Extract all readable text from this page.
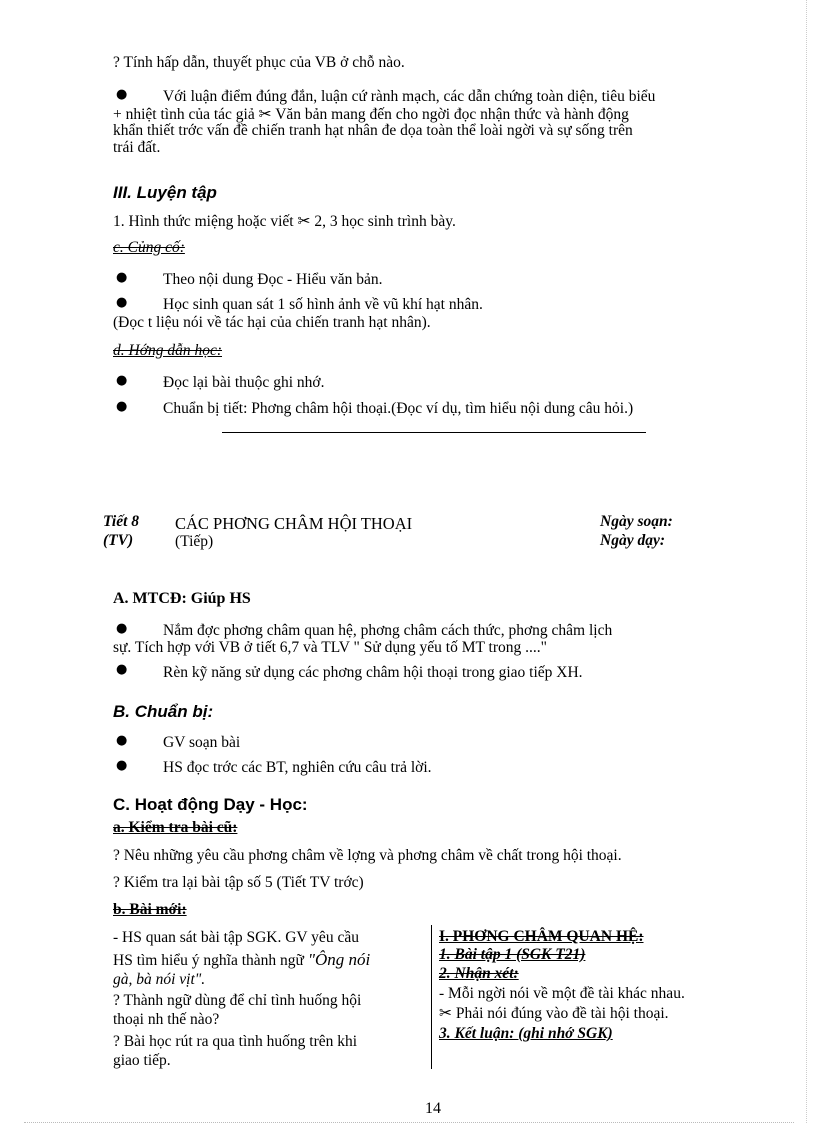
? Tính hấp dẫn, thuyết phục của VB ở chỗ nào.
● Với luận điểm đúng đắn, luận cứ rành mạch, các dẫn chứng toàn diện, tiêu biểu
+ nhiệt tình của tác giả ✂ Văn bản mang đến cho ngời đọc nhận thức và hành động
khẩn thiết trớc vấn đề chiến tranh hạt nhân đe dọa toàn thể loài ngời và sự sống trên
trái đất.
III. Luyện tập
1. Hình thức miệng hoặc viết ✂ 2, 3 học sinh trình bày.
c. Củng cố:
● Theo nội dung Đọc - Hiểu văn bản.
● Học sinh quan sát 1 số hình ảnh về vũ khí hạt nhân.
(Đọc t liệu nói về tác hại của chiến tranh hạt nhân).
d. Hớng dẫn học:
● Đọc lại bài thuộc ghi nhớ.
● Chuẩn bị tiết: Phơng châm hội thoại.(Đọc ví dụ, tìm hiểu nội dung câu hỏi.)
Tiết 8
(TV)
CÁC PHƠNG CHÂM HỘI THOẠI
(Tiếp)
Ngày soạn:
Ngày dạy:
A. MTCĐ: Giúp HS
● Nắm đợc phơng châm quan hệ, phơng châm cách thức, phơng châm lịch
sự. Tích hợp với VB ở tiết 6,7 và TLV " Sử dụng yếu tố MT trong ...."
● Rèn kỹ năng sử dụng các phơng châm hội thoại trong giao tiếp XH.
B. Chuẩn bị:
● GV soạn bài
● HS đọc trớc các BT, nghiên cứu câu trả lời.
C. Hoạt động Dạy - Học:
a. Kiểm tra bài cũ:
? Nêu những yêu cầu phơng châm về lợng và phơng châm về chất trong hội thoại.
? Kiểm tra lại bài tập số 5 (Tiết TV trớc)
b. Bài mới:
- HS quan sát bài tập SGK. GV yêu cầu
HS tìm hiểu ý nghĩa thành ngữ "Ông nói
gà, bà nói vịt".
? Thành ngữ dùng để chỉ tình huống hội
thoại nh thế nào?
? Bài học rút ra qua tình huống trên khi
giao tiếp.
I. PHƠNG CHÂM QUAN HỆ:
1. Bài tập 1 (SGK T21)
2. Nhận xét:
- Mỗi ngời nói về một đề tài khác nhau.
✂ Phải nói đúng vào đề tài hội thoại.
3. Kết luận: (ghi nhớ SGK)
14
